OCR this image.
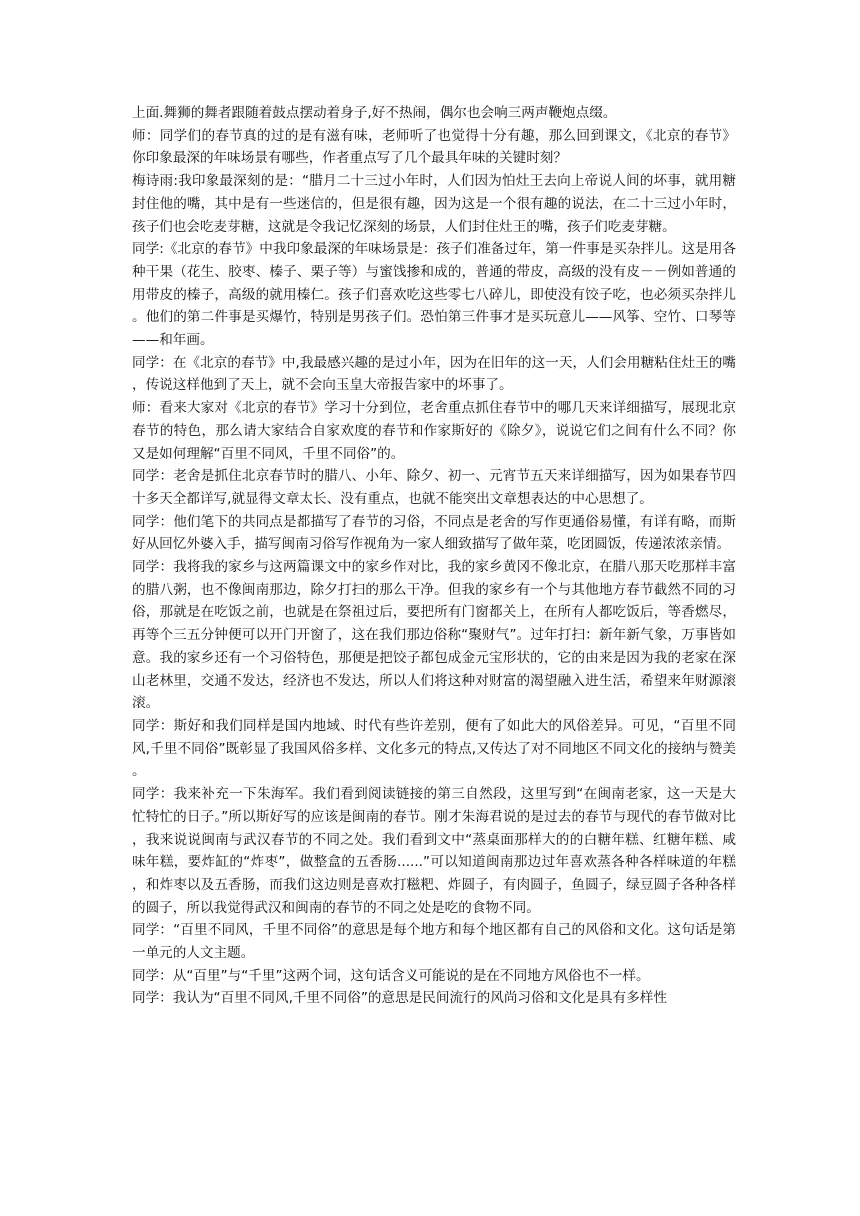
上面.舞狮的舞者跟随着鼓点摆动着身子,好不热闹，偶尔也会响三两声鞭炮点缀。

师：同学们的春节真的过的是有滋有味，老师听了也觉得十分有趣，那么回到课文，《北京的春节》你印象最深的年味场景有哪些，作者重点写了几个最具年味的关键时刻？

梅诗雨:我印象最深刻的是：“腊月二十三过小年时，人们因为怕灶王去向上帝说人间的坏事，就用糖封住他的嘴，其中是有一些迷信的，但是很有趣，因为这是一个很有趣的说法，在二十三过小年时，孩子们也会吃麦芽糖，这就是令我记忆深刻的场景，人们封住灶王的嘴，孩子们吃麦芽糖。

同学:《北京的春节》中我印象最深的年味场景是：孩子们准备过年，第一件事是买杂拌儿。这是用各种干果（花生、胶枣、榛子、栗子等）与蜜饯掺和成的，普通的带皮，高级的没有皮－－例如普通的用带皮的榛子，高级的就用榛仁。孩子们喜欢吃这些零七八碎儿，即使没有饺子吃，也必须买杂拌儿。他们的第二件事是买爆竹，特别是男孩子们。恐怕第三件事才是买玩意儿——风筝、空竹、口琴等——和年画。

同学：在《北京的春节》中,我最感兴趣的是过小年，因为在旧年的这一天，人们会用糖粘住灶王的嘴，传说这样他到了天上，就不会向玉皇大帝报告家中的坏事了。

师：看来大家对《北京的春节》学习十分到位，老舍重点抓住春节中的哪几天来详细描写，展现北京春节的特色，那么请大家结合自家欢度的春节和作家斯好的《除夕》，说说它们之间有什么不同？你又是如何理解“百里不同风，千里不同俗”的。

同学：老舍是抓住北京春节时的腊八、小年、除夕、初一、元宵节五天来详细描写，因为如果春节四十多天全都详写,就显得文章太长、没有重点，也就不能突出文章想表达的中心思想了。

同学：他们笔下的共同点是都描写了春节的习俗，不同点是老舍的写作更通俗易懂，有详有略，而斯好从回忆外婆入手，描写闽南习俗写作视角为一家人细致描写了做年菜，吃团圆饭，传递浓浓亲情。

同学：我将我的家乡与这两篇课文中的家乡作对比，我的家乡黄冈不像北京，在腊八那天吃那样丰富的腊八粥，也不像闽南那边，除夕打扫的那么干净。但我的家乡有一个与其他地方春节截然不同的习俗，那就是在吃饭之前，也就是在祭祖过后，要把所有门窗都关上，在所有人都吃饭后，等香燃尽，再等个三五分钟便可以开门开窗了，这在我们那边俗称“聚财气”。过年打扫：新年新气象，万事皆如意。我的家乡还有一个习俗特色，那便是把饺子都包成金元宝形状的，它的由来是因为我的老家在深山老林里，交通不发达，经济也不发达，所以人们将这种对财富的渴望融入进生活，希望来年财源滚滚。

同学：斯好和我们同样是国内地域、时代有些许差别，便有了如此大的风俗差异。可见，“百里不同风,千里不同俗”既彰显了我国风俗多样、文化多元的特点,又传达了对不同地区不同文化的接纳与赞美。

同学：我来补充一下朱海军。我们看到阅读链接的第三自然段，这里写到“在闽南老家，这一天是大忙特忙的日子。”所以斯好写的应该是闽南的春节。刚才朱海君说的是过去的春节与现代的春节做对比，我来说说闽南与武汉春节的不同之处。我们看到文中“蒸桌面那样大的的白糖年糕、红糖年糕、咸味年糕，要炸缸的“炸枣”，做整盒的五香肠......”可以知道闽南那边过年喜欢蒸各种各样味道的年糕，和炸枣以及五香肠，而我们这边则是喜欢打糍粑、炸圆子，有肉圆子，鱼圆子，绿豆圆子各种各样的圆子，所以我觉得武汉和闽南的春节的不同之处是吃的食物不同。

同学：“百里不同风，千里不同俗”的意思是每个地方和每个地区都有自己的风俗和文化。这句话是第一单元的人文主题。

同学：从“百里”与“千里”这两个词，这句话含义可能说的是在不同地方风俗也不一样。

同学：我认为“百里不同风,千里不同俗”的意思是民间流行的风尚习俗和文化是具有多样性
